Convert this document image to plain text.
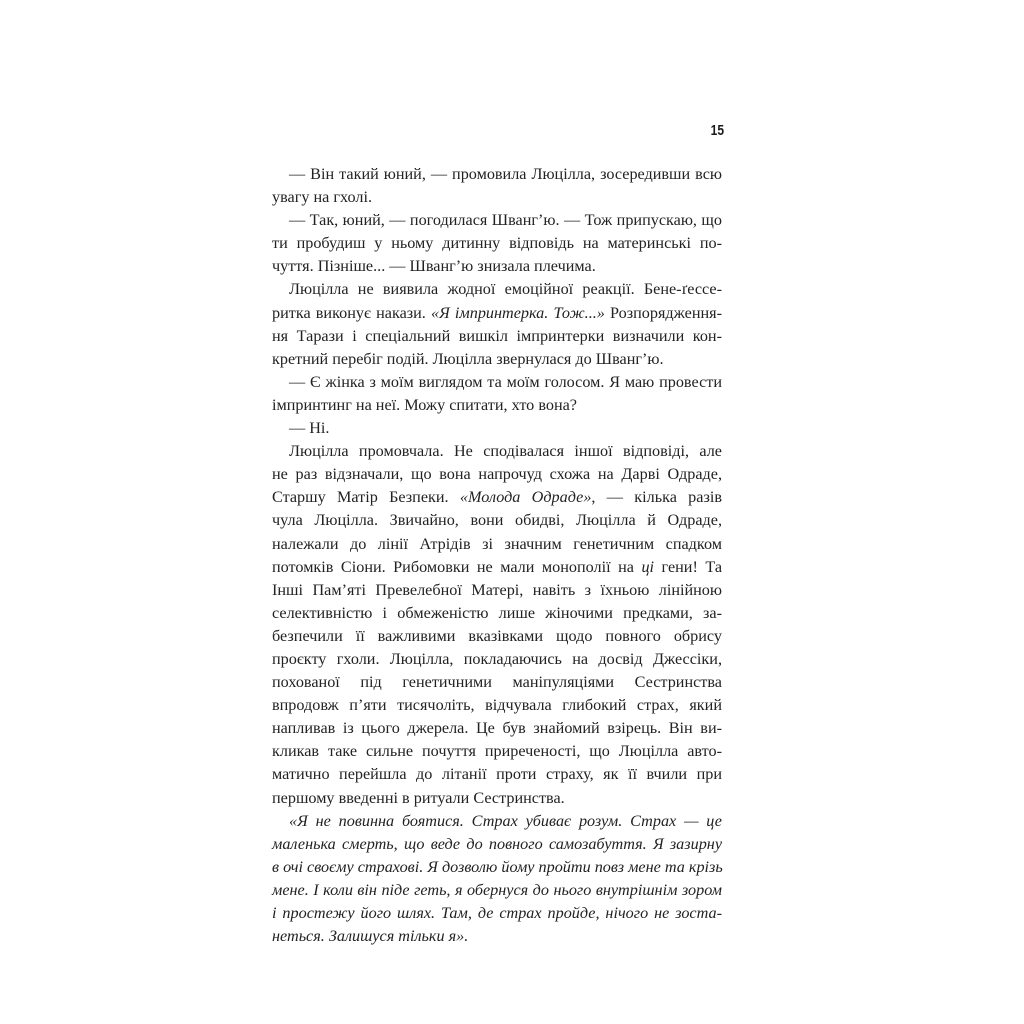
15
— Він такий юний, — промовила Люцілла, зосередивши всю
увагу на гхолі.
— Так, юний, — погодилася Шванг’ю. — Тож припускаю, що
ти пробудиш у ньому дитинну відповідь на материнські по-
чуття. Пізніше... — Шванг’ю знизала плечима.
Люцілла не виявила жодної емоційної реакції. Бене-ґессе-
ритка виконує накази. «Я імпринтерка. Тож...» Розпорядження-
ня Тарази і спеціальний вишкіл імпринтерки визначили кон-
кретний перебіг подій. Люцілла звернулася до Шванг’ю.
— Є жінка з моїм виглядом та моїм голосом. Я маю провести
імпринтинг на неї. Можу спитати, хто вона?
— Ні.
Люцілла промовчала. Не сподівалася іншої відповіді, але
не раз відзначали, що вона напрочуд схожа на Дарві Одраде,
Старшу Матір Безпеки. «Молода Одраде», — кілька разів
чула Люцілла. Звичайно, вони обидві, Люцілла й Одраде,
належали до лінії Атрідів зі значним генетичним спадком
потомків Сіони. Рибомовки не мали монополії на ці гени! Та
Інші Пам’яті Превелебної Матері, навіть з їхньою лінійною
селективністю і обмеженістю лише жіночими предками, за-
безпечили її важливими вказівками щодо повного обрису
проєкту гхоли. Люцілла, покладаючись на досвід Джессіки,
похованої під генетичними маніпуляціями Сестринства
впродовж п’яти тисячоліть, відчувала глибокий страх, який
напливав із цього джерела. Це був знайомий взірець. Він ви-
кликав таке сильне почуття приреченості, що Люцілла авто-
матично перейшла до літанії проти страху, як її вчили при
першому введенні в ритуали Сестринства.
«Я не повинна боятися. Страх убиває розум. Страх — це
маленька смерть, що веде до повного самозабуття. Я зазирну
в очі своєму страхові. Я дозволю йому пройти повз мене та крізь
мене. І коли він піде геть, я обернуся до нього внутрішнім зором
і простежу його шлях. Там, де страх пройде, нічого не зоста-
неться. Залишуся тільки я».
